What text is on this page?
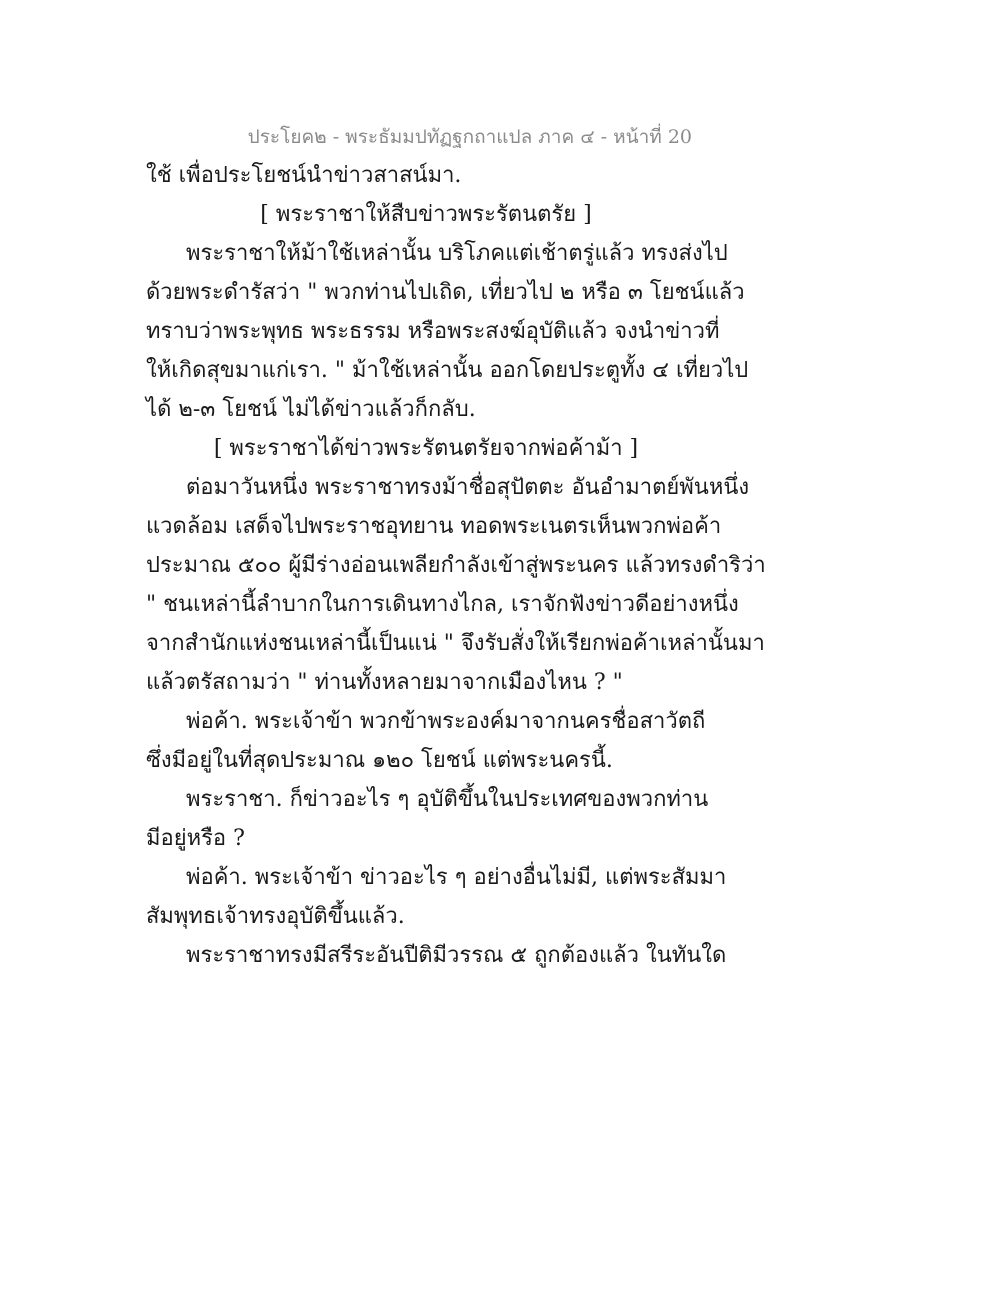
ประโยค๒ - พระธัมมปทัฏฐกถาแปล ภาค ๔ - หน้าที่ 20
ใช้ เพื่อประโยชน์นำข่าวสาสน์มา.
[ พระราชาให้สืบข่าวพระรัตนตรัย ]
พระราชาให้ม้าใช้เหล่านั้น บริโภคแต่เช้าตรู่แล้ว ทรงส่งไป
ด้วยพระดำรัสว่า " พวกท่านไปเถิด, เที่ยวไป ๒ หรือ ๓ โยชน์แล้ว
ทราบว่าพระพุทธ พระธรรม หรือพระสงฆ์อุบัติแล้ว จงนำข่าวที่
ให้เกิดสุขมาแก่เรา. " ม้าใช้เหล่านั้น ออกโดยประตูทั้ง ๔ เที่ยวไป
ได้ ๒-๓ โยชน์ ไม่ได้ข่าวแล้วก็กลับ.
[ พระราชาได้ข่าวพระรัตนตรัยจากพ่อค้าม้า ]
ต่อมาวันหนึ่ง พระราชาทรงม้าชื่อสุปัตตะ อันอำมาตย์พันหนึ่ง
แวดล้อม เสด็จไปพระราชอุทยาน ทอดพระเนตรเห็นพวกพ่อค้า
ประมาณ ๕๐๐ ผู้มีร่างอ่อนเพลียกำลังเข้าสู่พระนคร แล้วทรงดำริว่า
" ชนเหล่านี้ลำบากในการเดินทางไกล, เราจักฟังข่าวดีอย่างหนึ่ง
จากสำนักแห่งชนเหล่านี้เป็นแน่ " จึงรับสั่งให้เรียกพ่อค้าเหล่านั้นมา
แล้วตรัสถามว่า " ท่านทั้งหลายมาจากเมืองไหน ? "
พ่อค้า. พระเจ้าข้า พวกข้าพระองค์มาจากนครชื่อสาวัตถี
ซึ่งมีอยู่ในที่สุดประมาณ ๑๒๐ โยชน์ แต่พระนครนี้.
พระราชา. ก็ข่าวอะไร ๆ อุบัติขึ้นในประเทศของพวกท่าน
มีอยู่หรือ ?
พ่อค้า. พระเจ้าข้า ข่าวอะไร ๆ อย่างอื่นไม่มี, แต่พระสัมมา
สัมพุทธเจ้าทรงอุบัติขึ้นแล้ว.
พระราชาทรงมีสรีระอันปีติมีวรรณ ๕ ถูกต้องแล้ว ในทันใด
